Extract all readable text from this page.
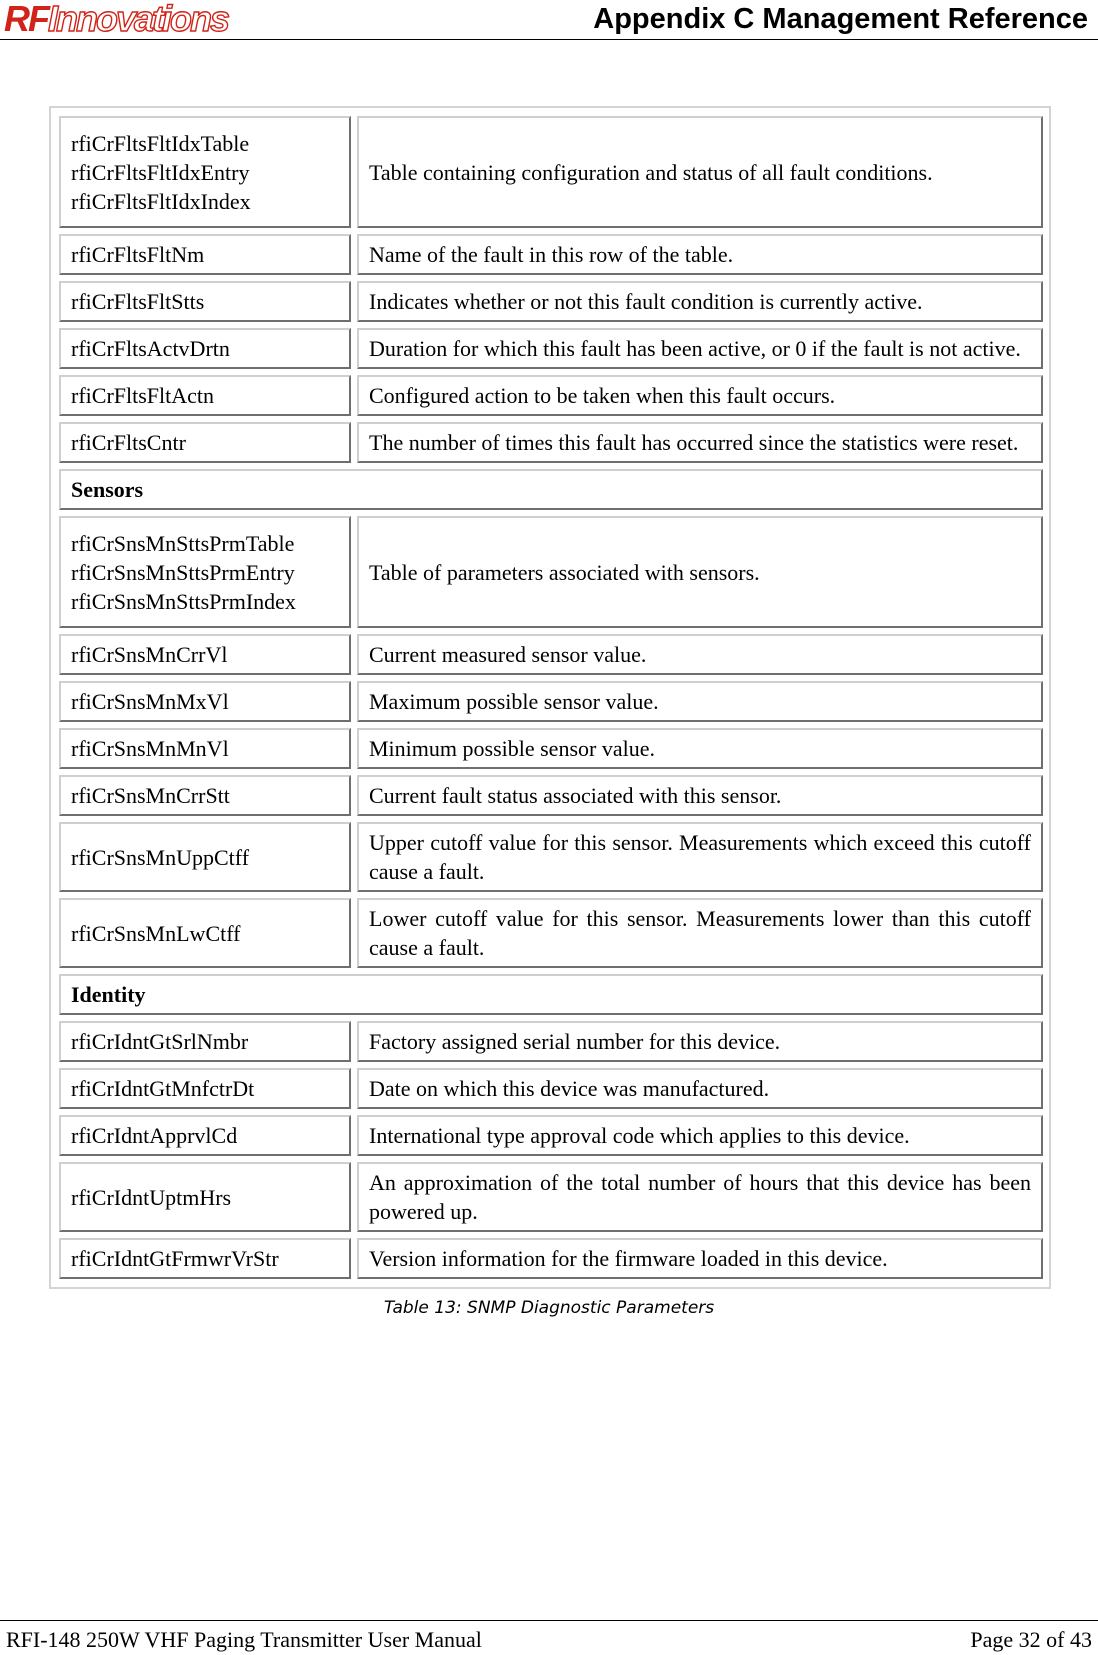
RFInnovations	Appendix C Management Reference
rfiCrFltsFltIdxTable
rfiCrFltsFltIdxEntry
rfiCrFltsFltIdxIndex	Table containing configuration and status of all fault conditions.
rfiCrFltsFltNm	Name of the fault in this row of the table.
rfiCrFltsFltStts	Indicates whether or not this fault condition is currently active.
rfiCrFltsActvDrtn	Duration for which this fault has been active, or 0 if the fault is not active.
rfiCrFltsFltActn	Configured action to be taken when this fault occurs.
rfiCrFltsCntr	The number of times this fault has occurred since the statistics were reset.
Sensors	

rfiCrSnsMnSttsPrmTable
rfiCrSnsMnSttsPrmEntry
rfiCrSnsMnSttsPrmIndex	Table of parameters associated with sensors.
rfiCrSnsMnCrrVl	Current measured sensor value.
rfiCrSnsMnMxVl	Maximum possible sensor value.
rfiCrSnsMnMnVl	Minimum possible sensor value.
rfiCrSnsMnCrrStt	Current fault status associated with this sensor.
rfiCrSnsMnUppCtff	Upper cutoff value for this sensor. Measurements which exceed this cutoff cause a fault.
rfiCrSnsMnLwCtff	Lower cutoff value for this sensor. Measurements lower than this cutoff cause a fault.
Identity	
rfiCrIdntGtSrlNmbr	Factory assigned serial number for this device.
rfiCrIdntGtMnfctrDt	Date on which this device was manufactured.
rfiCrIdntApprvlCd	International type approval code which applies to this device.
rfiCrIdntUptmHrs	An approximation of the total number of hours that this device has been powered up.
rfiCrIdntGtFrmwrVrStr	Version information for the firmware loaded in this device.
Table 13: SNMP Diagnostic Parameters
RFI-148 250W VHF Paging Transmitter User Manual	Page 32 of 43
